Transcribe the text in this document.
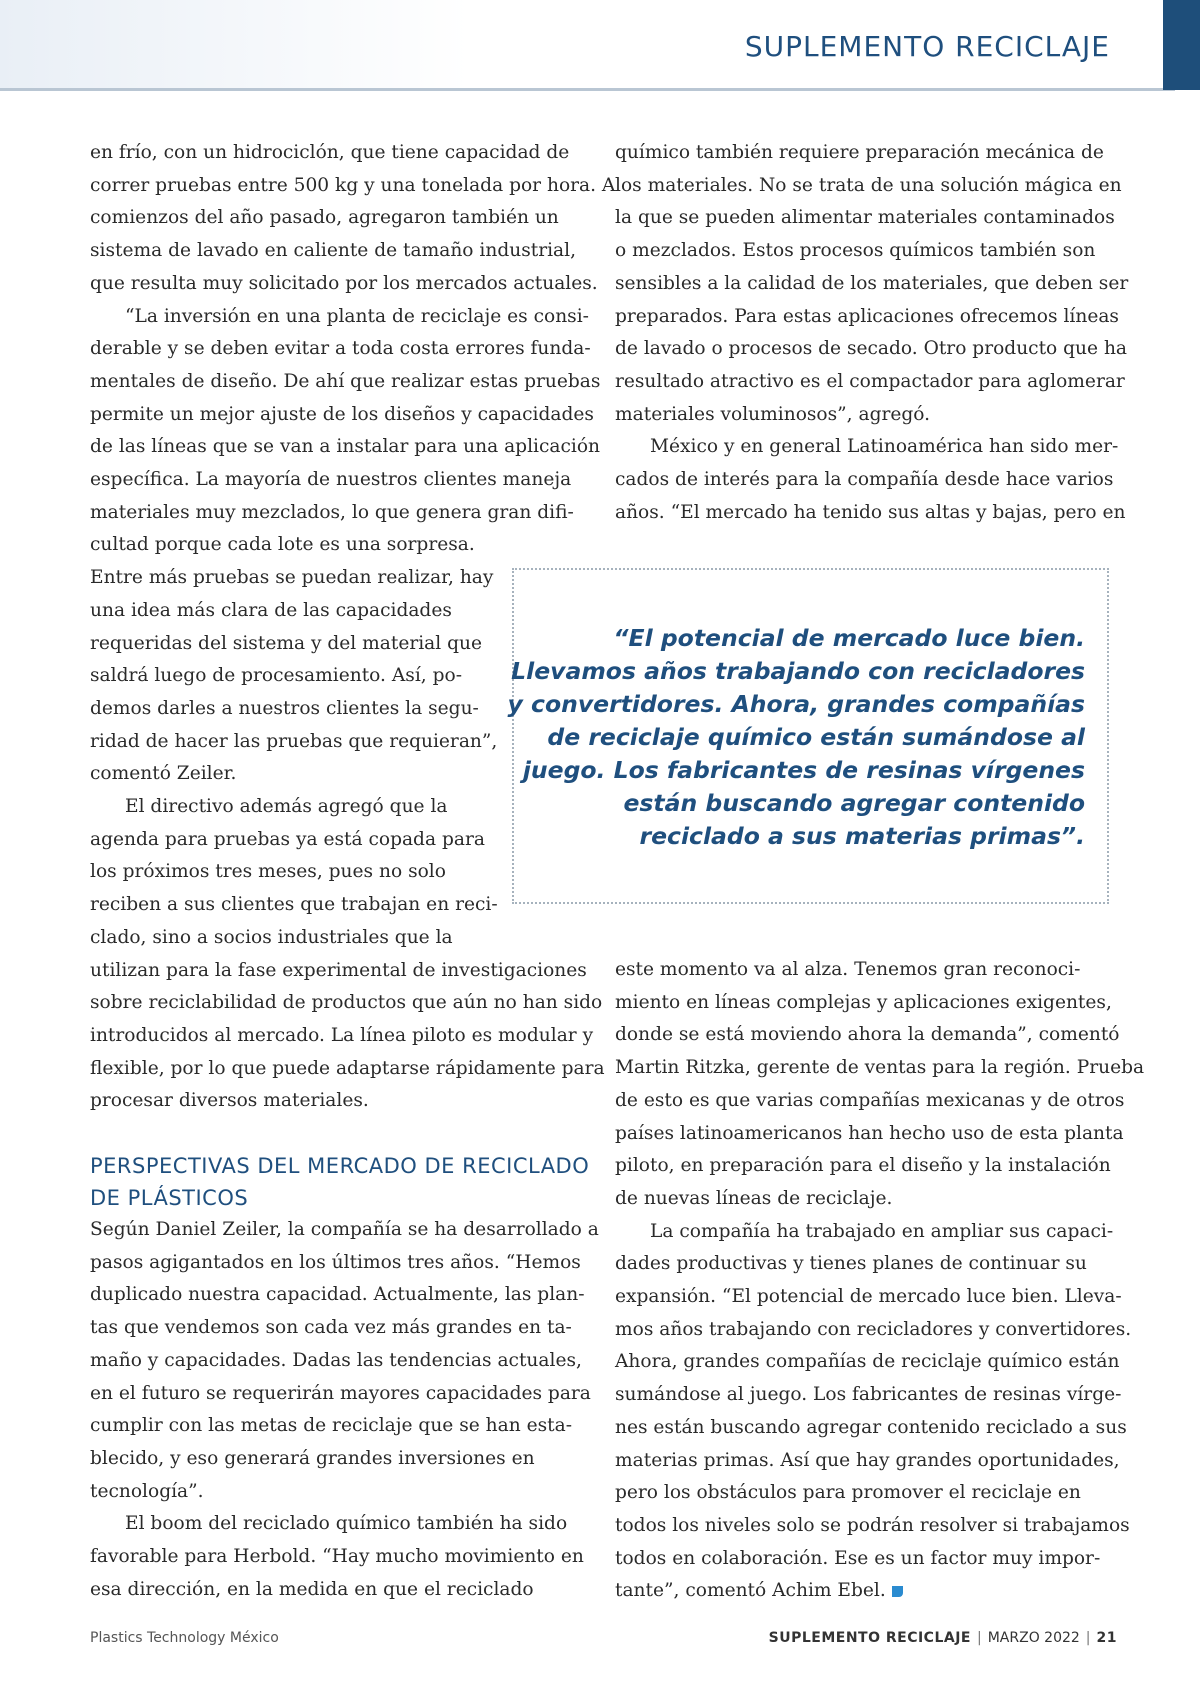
SUPLEMENTO RECICLAJE

en frío, con un hidrociclón, que tiene capacidad de

correr pruebas entre 500 kg y una tonelada por hora. A

comienzos del año pasado, agregaron también un

sistema de lavado en caliente de tamaño industrial,

que resulta muy solicitado por los mercados actuales.

“La inversión en una planta de reciclaje es consi-

derable y se deben evitar a toda costa errores funda-

mentales de diseño. De ahí que realizar estas pruebas

permite un mejor ajuste de los diseños y capacidades

de las líneas que se van a instalar para una aplicación

específica. La mayoría de nuestros clientes maneja

materiales muy mezclados, lo que genera gran difi-

cultad porque cada lote es una sorpresa.

Entre más pruebas se puedan realizar, hay

una idea más clara de las capacidades

requeridas del sistema y del material que

saldrá luego de procesamiento. Así, po-

demos darles a nuestros clientes la segu-

ridad de hacer las pruebas que requieran”,

comentó Zeiler.

El directivo además agregó que la

agenda para pruebas ya está copada para

los próximos tres meses, pues no solo

reciben a sus clientes que trabajan en reci-

clado, sino a socios industriales que la

utilizan para la fase experimental de investigaciones

sobre reciclabilidad de productos que aún no han sido

introducidos al mercado. La línea piloto es modular y

flexible, por lo que puede adaptarse rápidamente para

procesar diversos materiales.

químico también requiere preparación mecánica de

los materiales. No se trata de una solución mágica en

la que se pueden alimentar materiales contaminados

o mezclados. Estos procesos químicos también son

sensibles a la calidad de los materiales, que deben ser

preparados. Para estas aplicaciones ofrecemos líneas

de lavado o procesos de secado. Otro producto que ha

resultado atractivo es el compactador para aglomerar

materiales voluminosos”, agregó.

México y en general Latinoamérica han sido mer-

cados de interés para la compañía desde hace varios

años. “El mercado ha tenido sus altas y bajas, pero en

“El potencial de mercado luce bien.
Llevamos años trabajando con recicladores
y convertidores. Ahora, grandes compañías
de reciclaje químico están sumándose al
juego. Los fabricantes de resinas vírgenes
están buscando agregar contenido
reciclado a sus materias primas”.
PERSPECTIVAS DEL MERCADO DE RECICLADO
DE PLÁSTICOS

Según Daniel Zeiler, la compañía se ha desarrollado a

pasos agigantados en los últimos tres años. “Hemos

duplicado nuestra capacidad. Actualmente, las plan-

tas que vendemos son cada vez más grandes en ta-

maño y capacidades. Dadas las tendencias actuales,

en el futuro se requerirán mayores capacidades para

cumplir con las metas de reciclaje que se han esta-

blecido, y eso generará grandes inversiones en

tecnología”.

El boom del reciclado químico también ha sido

favorable para Herbold. “Hay mucho movimiento en

esa dirección, en la medida en que el reciclado

este momento va al alza. Tenemos gran reconoci-

miento en líneas complejas y aplicaciones exigentes,

donde se está moviendo ahora la demanda”, comentó

Martin Ritzka, gerente de ventas para la región. Prueba

de esto es que varias compañías mexicanas y de otros

países latinoamericanos han hecho uso de esta planta

piloto, en preparación para el diseño y la instalación

de nuevas líneas de reciclaje.

La compañía ha trabajado en ampliar sus capaci-

dades productivas y tienes planes de continuar su

expansión. “El potencial de mercado luce bien. Lleva-

mos años trabajando con recicladores y convertidores.

Ahora, grandes compañías de reciclaje químico están

sumándose al juego. Los fabricantes de resinas vírge-

nes están buscando agregar contenido reciclado a sus

materias primas. Así que hay grandes oportunidades,

pero los obstáculos para promover el reciclaje en

todos los niveles solo se podrán resolver si trabajamos

todos en colaboración. Ese es un factor muy impor-

tante”, comentó Achim Ebel.

Plastics Technology México	SUPLEMENTO RECICLAJE | MARZO 2022 | 21
